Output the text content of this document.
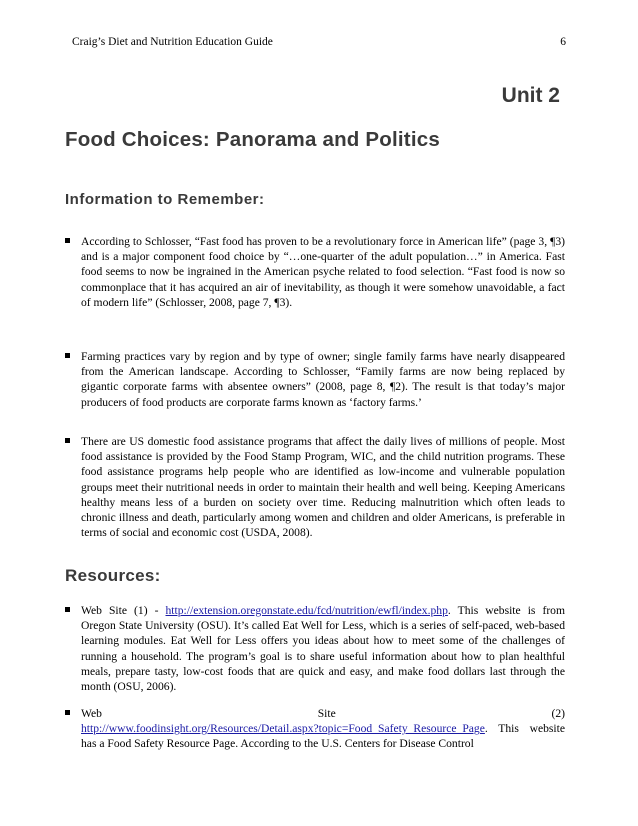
Craig’s Diet and Nutrition Education Guide	6
Unit 2
Food Choices: Panorama and Politics
Information to Remember:
According to Schlosser, “Fast food has proven to be a revolutionary force in American life” (page 3, ¶3) and is a major component food choice by “…one-quarter of the adult population…” in America. Fast food seems to now be ingrained in the American psyche related to food selection. “Fast food is now so commonplace that it has acquired an air of inevitability, as though it were somehow unavoidable, a fact of modern life” (Schlosser, 2008, page 7, ¶3).
Farming practices vary by region and by type of owner; single family farms have nearly disappeared from the American landscape. According to Schlosser, “Family farms are now being replaced by gigantic corporate farms with absentee owners” (2008, page 8, ¶2). The result is that today’s major producers of food products are corporate farms known as ‘factory farms.’
There are US domestic food assistance programs that affect the daily lives of millions of people. Most food assistance is provided by the Food Stamp Program, WIC, and the child nutrition programs. These food assistance programs help people who are identified as low-income and vulnerable population groups meet their nutritional needs in order to maintain their health and well being. Keeping Americans healthy means less of a burden on society over time. Reducing malnutrition which often leads to chronic illness and death, particularly among women and children and older Americans, is preferable in terms of social and economic cost (USDA, 2008).
Resources:
Web Site (1) - http://extension.oregonstate.edu/fcd/nutrition/ewfl/index.php. This website is from Oregon State University (OSU). It’s called Eat Well for Less, which is a series of self-paced, web-based learning modules. Eat Well for Less offers you ideas about how to meet some of the challenges of running a household. The program’s goal is to share useful information about how to plan healthful meals, prepare tasty, low-cost foods that are quick and easy, and make food dollars last through the month (OSU, 2006).
Web	Site	(2)
http://www.foodinsight.org/Resources/Detail.aspx?topic=Food_Safety_Resource_Page. This website has a Food Safety Resource Page. According to the U.S. Centers for Disease Control
